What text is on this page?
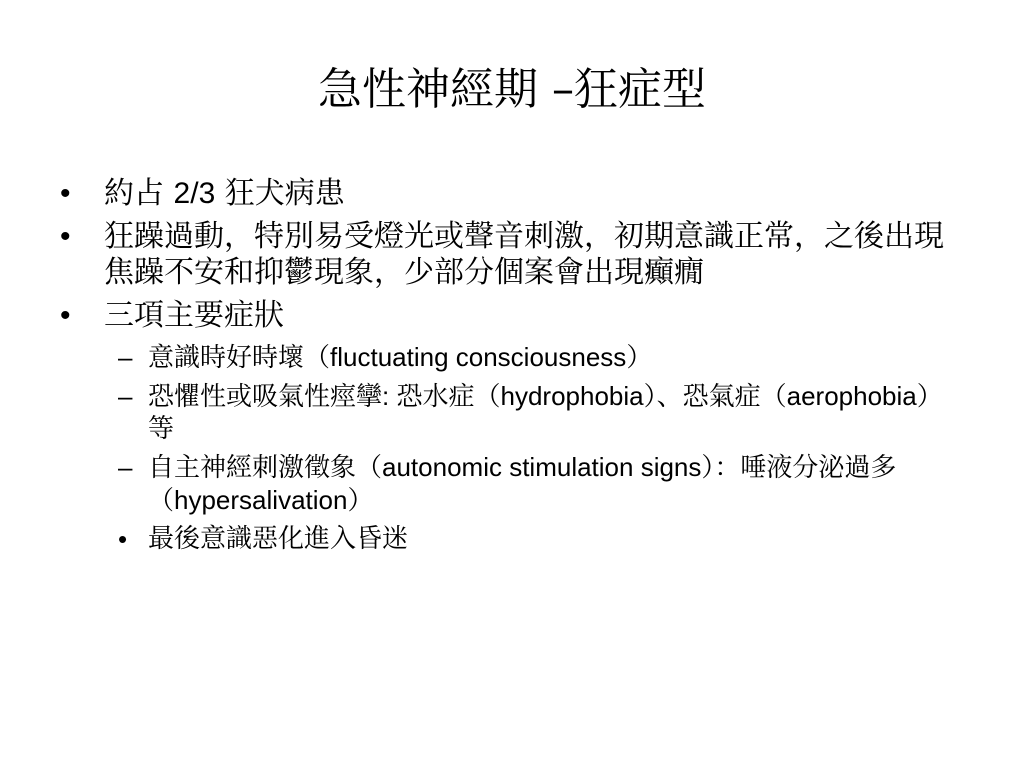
急性神經期 –狂症型
• 約占 2/3 狂犬病患
• 狂躁過動，特別易受燈光或聲音刺激，初期意識正常，之後出現焦躁不安和抑鬱現象，少部分個案會出現癲癇
• 三項主要症狀
– 意識時好時壞（fluctuating consciousness）
– 恐懼性或吸氣性痙攣: 恐水症（hydrophobia）、恐氣症（aerophobia）等
– 自主神經刺激徵象（autonomic stimulation signs）：唾液分泌過多（hypersalivation）
• 最後意識惡化進入昏迷
